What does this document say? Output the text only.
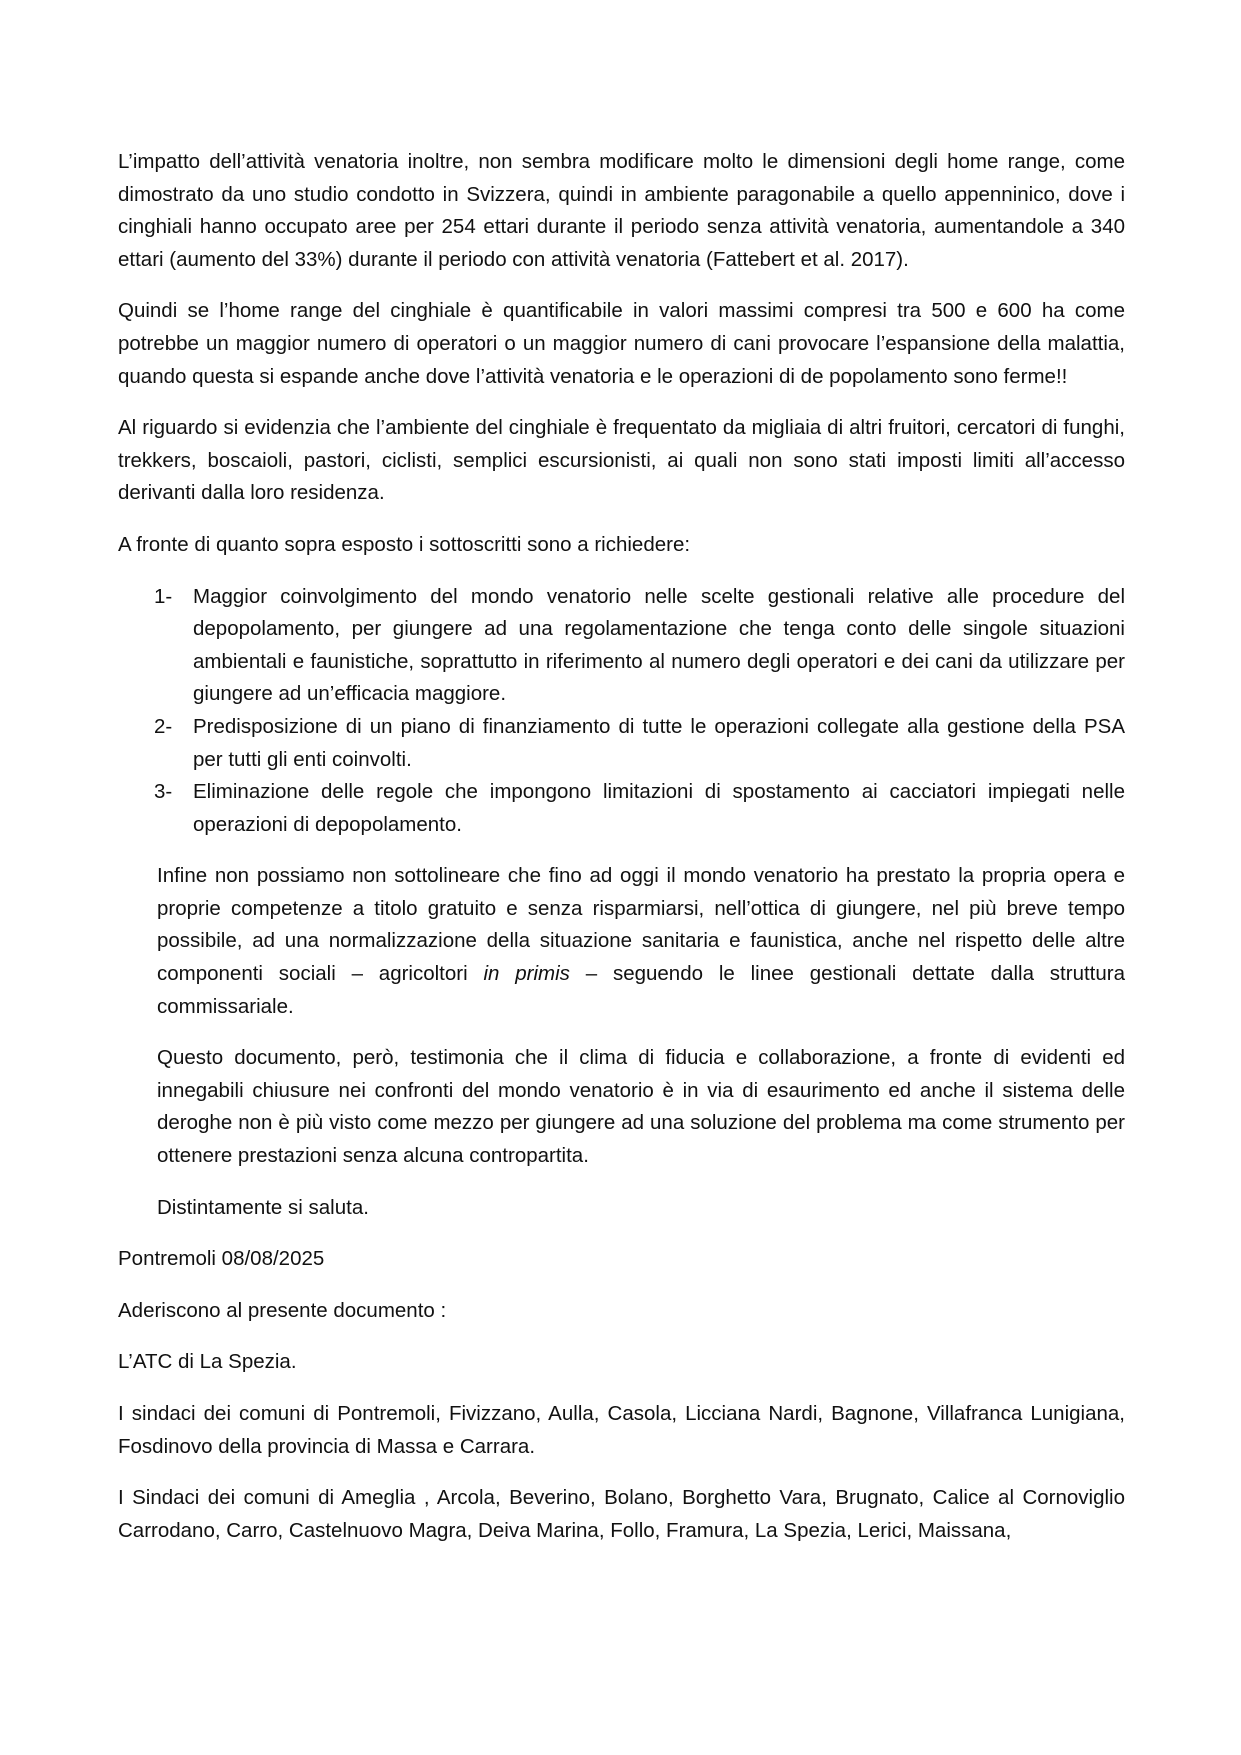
L’impatto dell’attività venatoria inoltre, non sembra modificare molto le dimensioni degli home range, come dimostrato da uno studio condotto in Svizzera, quindi in ambiente paragonabile a quello appenninico, dove i cinghiali hanno occupato aree per 254 ettari durante il periodo senza attività venatoria, aumentandole a 340 ettari (aumento del 33%) durante il periodo con attività venatoria (Fattebert et al. 2017).

Quindi se l’home range del cinghiale è quantificabile in valori massimi compresi tra 500 e 600 ha come potrebbe un maggior numero di operatori o un maggior numero di cani provocare l’espansione della malattia, quando questa si espande anche dove l’attività venatoria e le operazioni di de popolamento sono ferme!!

Al riguardo si evidenzia che l’ambiente del cinghiale è frequentato da migliaia di altri fruitori, cercatori di funghi, trekkers, boscaioli, pastori, ciclisti, semplici escursionisti, ai quali non sono stati imposti limiti all’accesso derivanti dalla loro residenza.

A fronte di quanto sopra esposto i sottoscritti sono a richiedere:

1- Maggior coinvolgimento del mondo venatorio nelle scelte gestionali relative alle procedure del depopolamento, per giungere ad una regolamentazione che tenga conto delle singole situazioni ambientali e faunistiche, soprattutto in riferimento al numero degli operatori e dei cani da utilizzare per giungere ad un’efficacia maggiore.
2- Predisposizione di un piano di finanziamento di tutte le operazioni collegate alla gestione della PSA per tutti gli enti coinvolti.
3- Eliminazione delle regole che impongono limitazioni di spostamento ai cacciatori impiegati nelle operazioni di depopolamento.

Infine non possiamo non sottolineare che fino ad oggi il mondo venatorio ha prestato la propria opera e proprie competenze a titolo gratuito e senza risparmiarsi, nell’ottica di giungere, nel più breve tempo possibile, ad una normalizzazione della situazione sanitaria e faunistica, anche nel rispetto delle altre componenti sociali – agricoltori in primis – seguendo le linee gestionali dettate dalla struttura commissariale.

Questo documento, però, testimonia che il clima di fiducia e collaborazione, a fronte di evidenti ed innegabili chiusure nei confronti del mondo venatorio è in via di esaurimento ed anche il sistema delle deroghe non è più visto come mezzo per giungere ad una soluzione del problema ma come strumento per ottenere prestazioni senza alcuna contropartita.

Distintamente si saluta.

Pontremoli 08/08/2025

Aderiscono al presente documento :

L’ATC di La Spezia.

I sindaci dei comuni di Pontremoli, Fivizzano, Aulla, Casola, Licciana Nardi, Bagnone, Villafranca Lunigiana, Fosdinovo della provincia di Massa e Carrara.

I Sindaci dei comuni di Ameglia , Arcola, Beverino, Bolano, Borghetto Vara, Brugnato, Calice al Cornoviglio Carrodano, Carro, Castelnuovo Magra, Deiva Marina, Follo, Framura, La Spezia, Lerici, Maissana,
